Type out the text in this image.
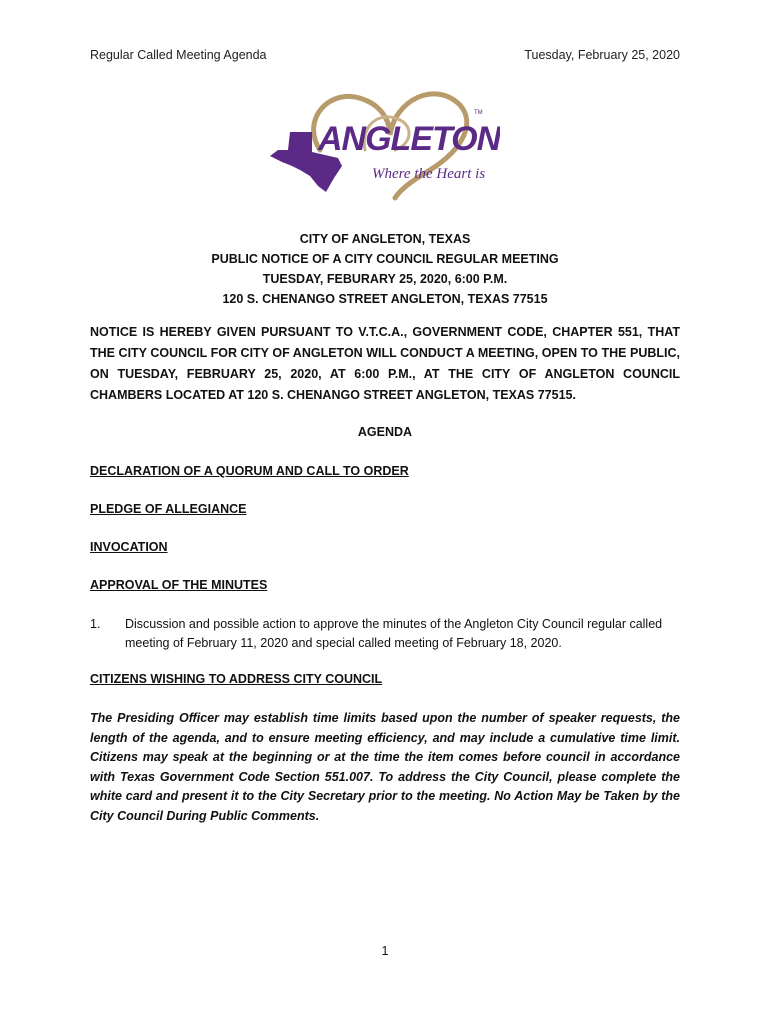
Regular Called Meeting Agenda	Tuesday, February 25, 2020
ANGLETON
TM
Where the Heart is
CITY OF ANGLETON, TEXAS
PUBLIC NOTICE OF A CITY COUNCIL REGULAR MEETING
TUESDAY, FEBURARY 25, 2020, 6:00 P.M.
120 S. CHENANGO STREET ANGLETON, TEXAS 77515
NOTICE IS HEREBY GIVEN PURSUANT TO V.T.C.A., GOVERNMENT CODE, CHAPTER 551, THAT THE CITY COUNCIL FOR CITY OF ANGLETON WILL CONDUCT A MEETING, OPEN TO THE PUBLIC, ON TUESDAY, FEBRUARY 25, 2020, AT 6:00 P.M., AT THE CITY OF ANGLETON COUNCIL CHAMBERS LOCATED AT 120 S. CHENANGO STREET ANGLETON, TEXAS 77515.
AGENDA
DECLARATION OF A QUORUM AND CALL TO ORDER
PLEDGE OF ALLEGIANCE
INVOCATION
APPROVAL OF THE MINUTES
1.	Discussion and possible action to approve the minutes of the Angleton City Council regular called meeting of February 11, 2020 and special called meeting of February 18, 2020.
CITIZENS WISHING TO ADDRESS CITY COUNCIL
The Presiding Officer may establish time limits based upon the number of speaker requests, the length of the agenda, and to ensure meeting efficiency, and may include a cumulative time limit. Citizens may speak at the beginning or at the time the item comes before council in accordance with Texas Government Code Section 551.007. To address the City Council, please complete the white card and present it to the City Secretary prior to the meeting. No Action May be Taken by the City Council During Public Comments.
1
